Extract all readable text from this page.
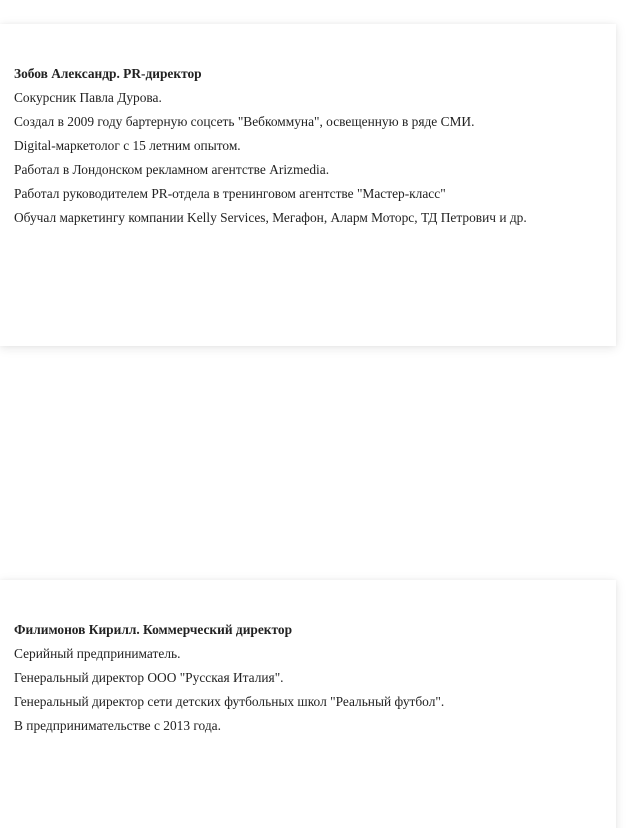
Зобов Александр. PR-директор

Сокурсник Павла Дурова.

Создал в 2009 году бартерную соцсеть "Вебкоммуна", освещенную в ряде СМИ.

Digital-маркетолог с 15 летним опытом.

Работал в Лондонском рекламном агентстве Arizmedia.

Работал руководителем PR-отдела в тренинговом агентстве "Мастер-класс"

Обучал маркетингу компании Kelly Services, Мегафон, Аларм Моторс, ТД Петрович и др.

Филимонов Кирилл. Коммерческий директор

Серийный предприниматель.

Генеральный директор ООО "Русская Италия".

Генеральный директор сети детских футбольных школ "Реальный футбол".

В предпринимательстве с 2013 года.
